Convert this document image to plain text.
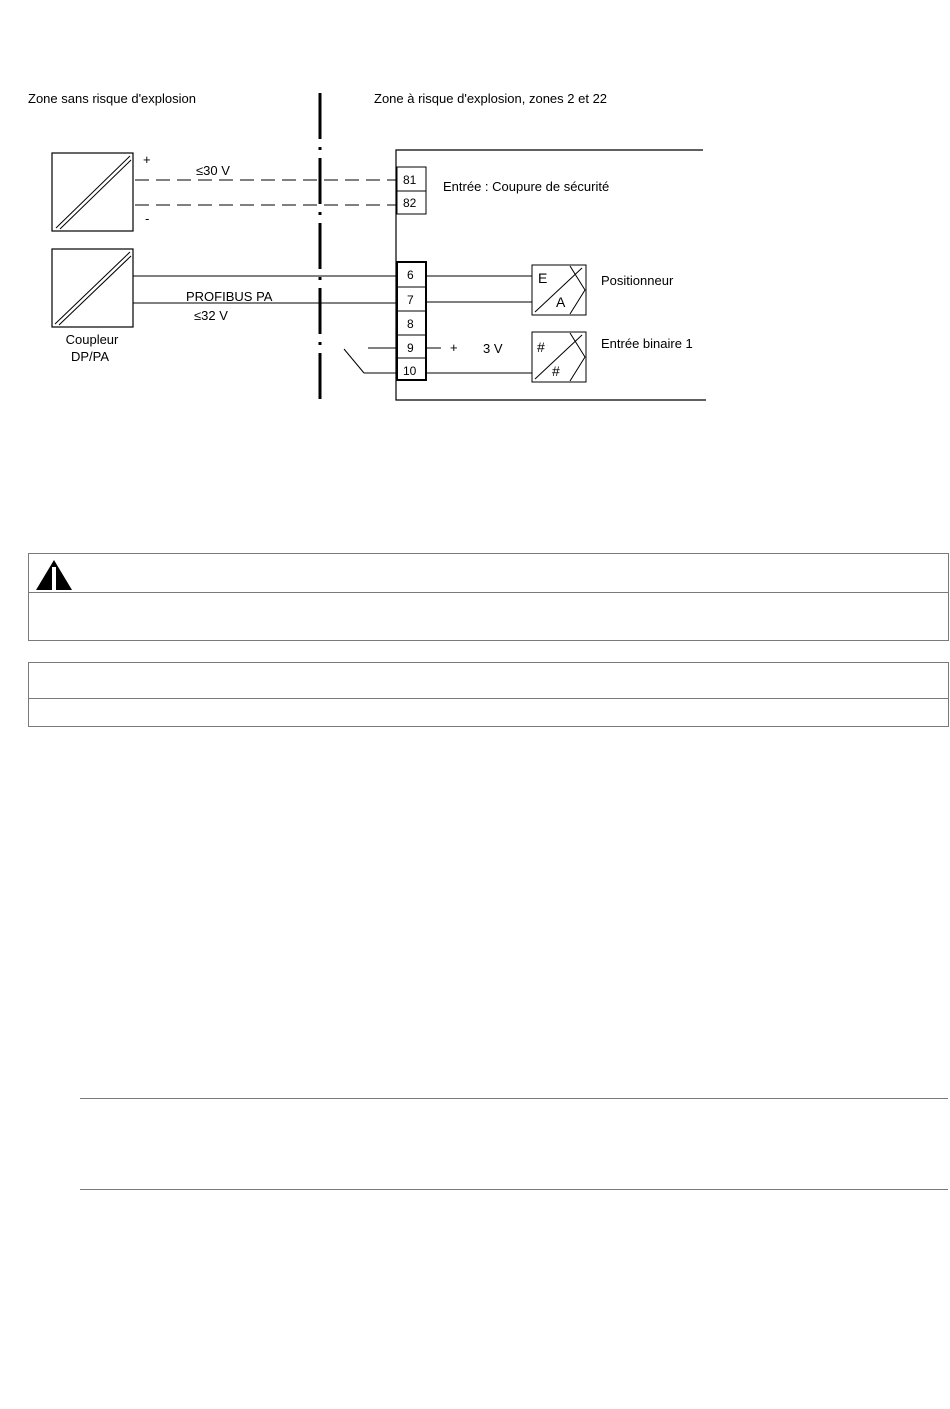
Zone sans risque d'explosion	Zone à risque d'explosion, zones 2 et 22
+
-
≤30 V
81
82
Entrée : Coupure de sécurité
Coupleur
DP/PA
PROFIBUS PA
≤32 V
6
7
8
9
10
E
A
Positionneur
+ 3 V #
#
Entrée binaire 1
